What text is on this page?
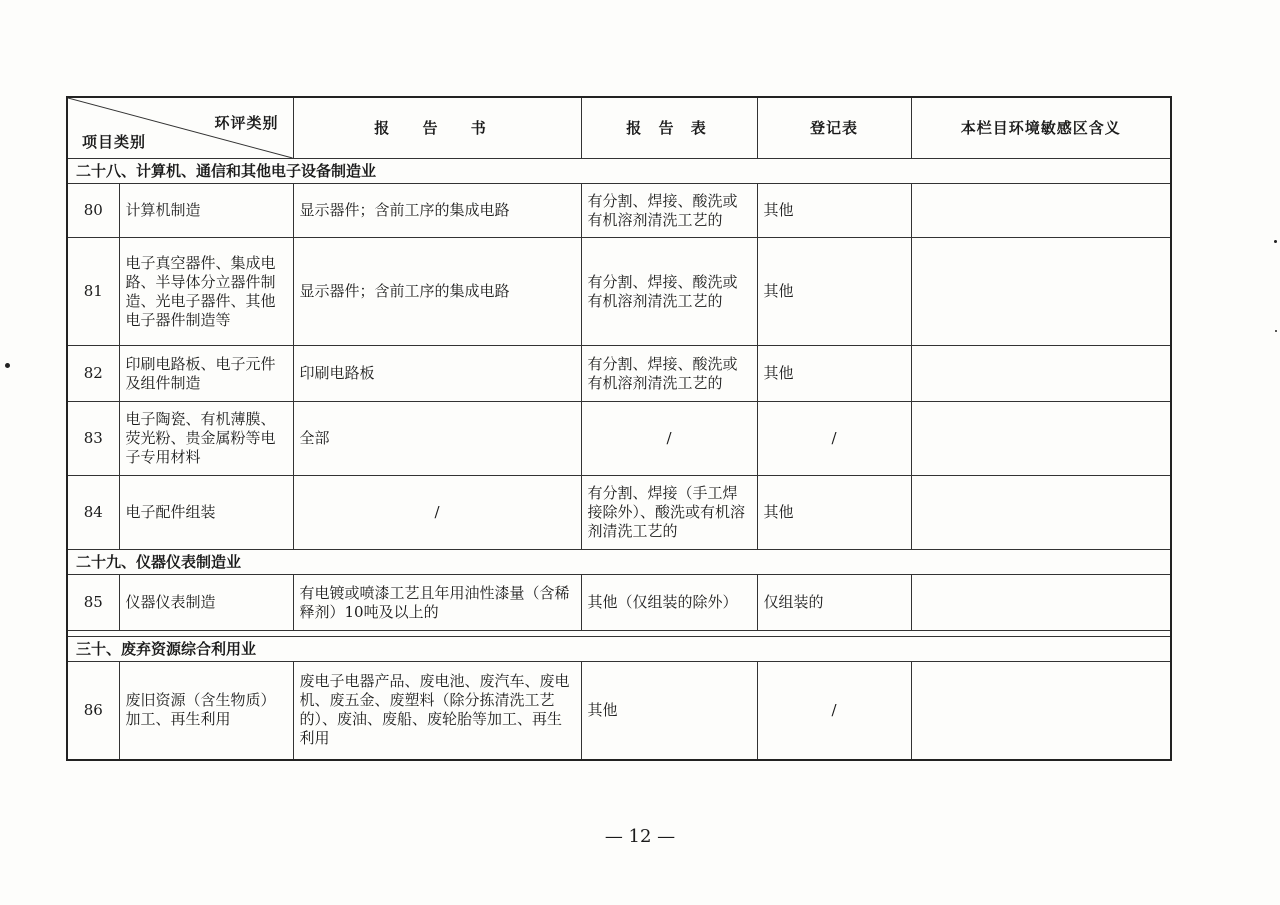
环评类别
项目类别		报 告 书	报 告 表	登记表	本栏目环境敏感区含义
二十八、计算机、通信和其他电子设备制造业					
80	计算机制造	显示器件；含前工序的集成电路	有分割、焊接、酸洗或有机溶剂清洗工艺的	其他	
81	电子真空器件、集成电路、半导体分立器件制造、光电子器件、其他电子器件制造等	显示器件；含前工序的集成电路	有分割、焊接、酸洗或有机溶剂清洗工艺的	其他	
82	印刷电路板、电子元件及组件制造	印刷电路板	有分割、焊接、酸洗或有机溶剂清洗工艺的	其他	
83	电子陶瓷、有机薄膜、荧光粉、贵金属粉等电子专用材料	全部	/	/	
84	电子配件组装	/	有分割、焊接（手工焊接除外）、酸洗或有机溶剂清洗工艺的	其他	
二十九、仪器仪表制造业					
85	仪器仪表制造	有电镀或喷漆工艺且年用油性漆量（含稀释剂）10吨及以上的	其他（仅组装的除外）	仅组装的	

三十、废弃资源综合利用业					
86	废旧资源（含生物质）加工、再生利用	废电子电器产品、废电池、废汽车、废电机、废五金、废塑料（除分拣清洗工艺的）、废油、废船、废轮胎等加工、再生利用	其他	/	
— 12 —
